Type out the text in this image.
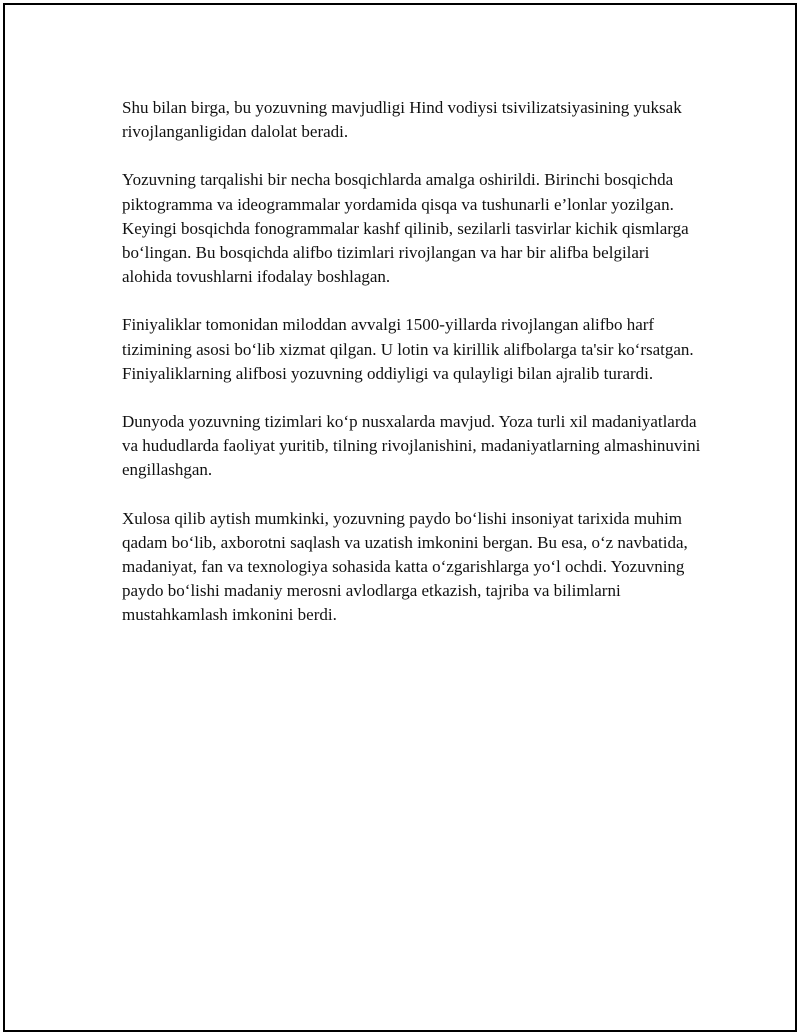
Shu bilan birga, bu yozuvning mavjudligi Hind vodiysi tsivilizatsiyasining yuksak rivojlanganligidan dalolat beradi.

Yozuvning tarqalishi bir necha bosqichlarda amalga oshirildi. Birinchi bosqichda piktogramma va ideogrammalar yordamida qisqa va tushunarli e’lonlar yozilgan. Keyingi bosqichda fonogrammalar kashf qilinib, sezilarli tasvirlar kichik qismlarga bo‘lingan. Bu bosqichda alifbo tizimlari rivojlangan va har bir alifba belgilari alohida tovushlarni ifodalay boshlagan.

Finiyaliklar tomonidan miloddan avvalgi 1500-yillarda rivojlangan alifbo harf tizimining asosi bo‘lib xizmat qilgan. U lotin va kirillik alifbolarga ta'sir ko‘rsatgan. Finiyaliklarning alifbosi yozuvning oddiyligi va qulayligi bilan ajralib turardi.

Dunyoda yozuvning tizimlari ko‘p nusxalarda mavjud. Yoza turli xil madaniyatlarda va hududlarda faoliyat yuritib, tilning rivojlanishini, madaniyatlarning almashinuvini engillashgan.

Xulosa qilib aytish mumkinki, yozuvning paydo bo‘lishi insoniyat tarixida muhim qadam bo‘lib, axborotni saqlash va uzatish imkonini bergan. Bu esa, o‘z navbatida, madaniyat, fan va texnologiya sohasida katta o‘zgarishlarga yo‘l ochdi. Yozuvning paydo bo‘lishi madaniy merosni avlodlarga etkazish, tajriba va bilimlarni mustahkamlash imkonini berdi.
